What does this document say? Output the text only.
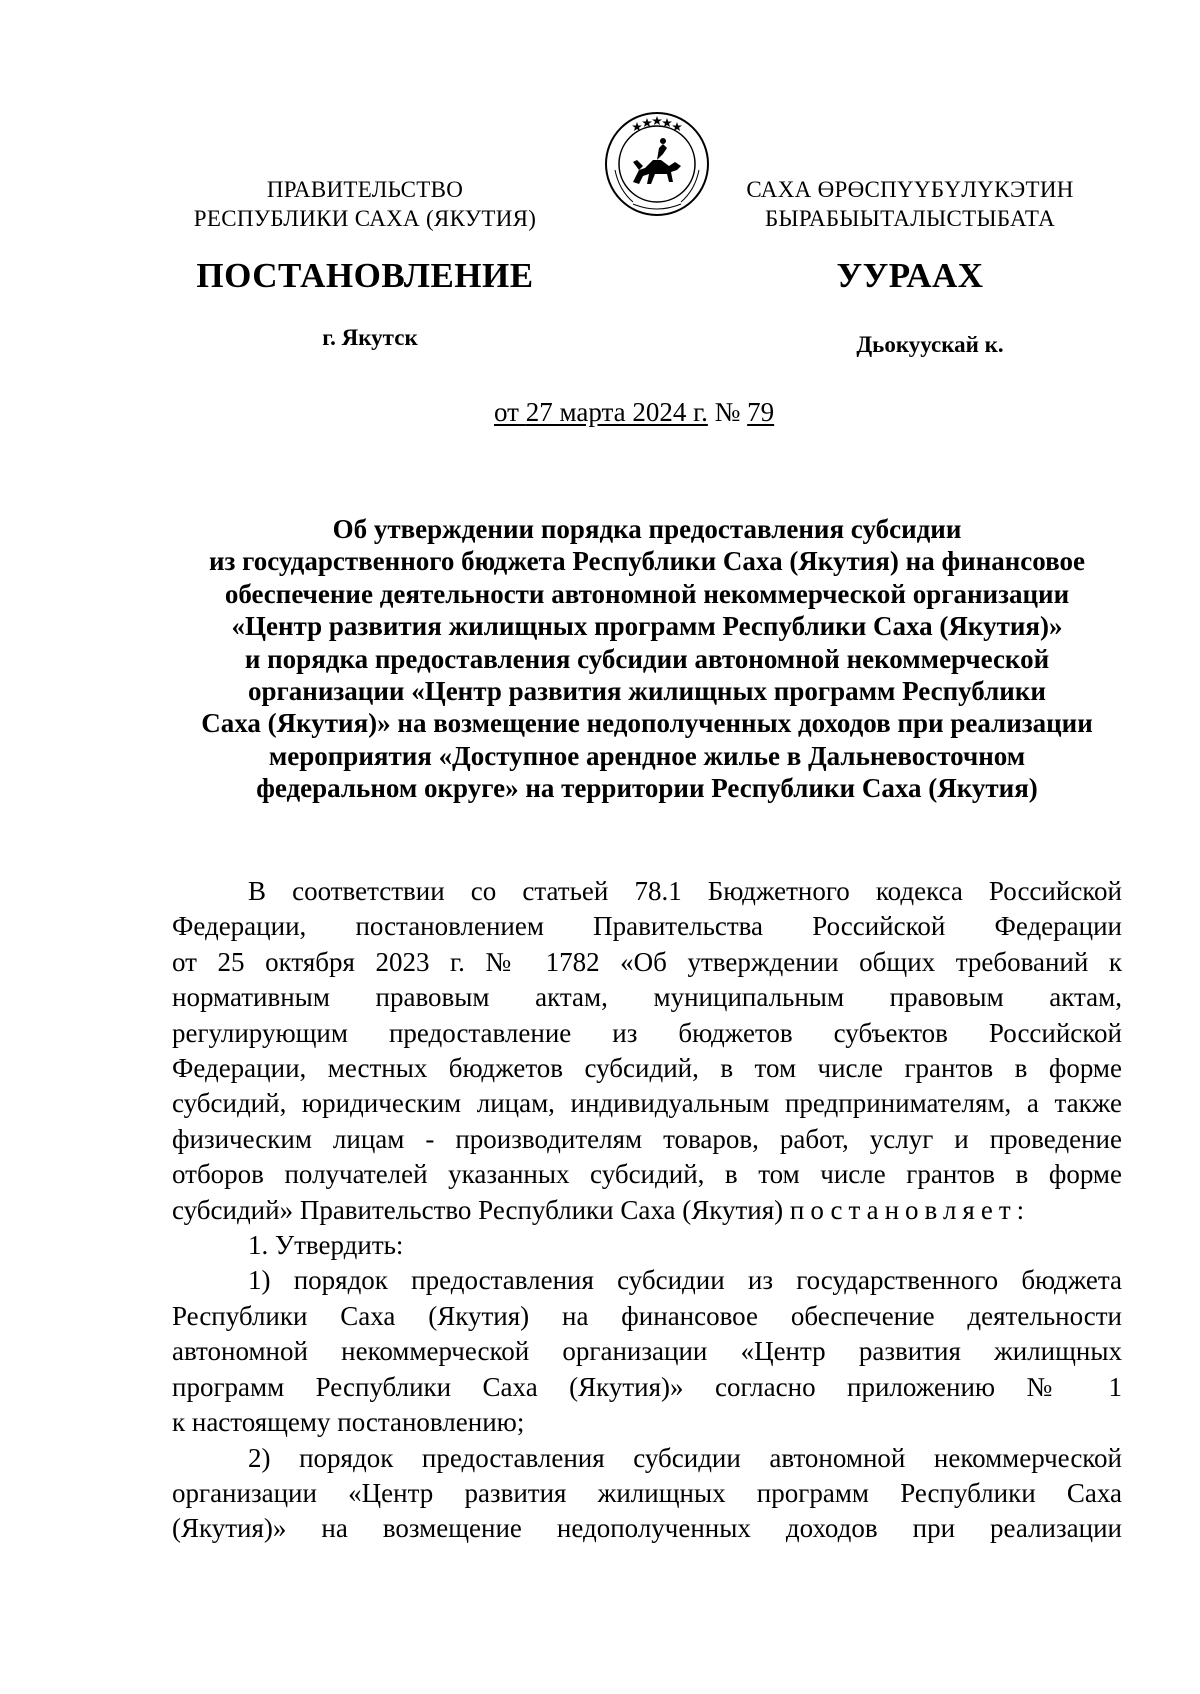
ПРАВИТЕЛЬСТВО
РЕСПУБЛИКИ САХА (ЯКУТИЯ)
САХА ӨРӨСПҮҮБҮЛҮКЭТИН
БЫРАБЫЫТАЛЫСТЫБАТА
ПОСТАНОВЛЕНИЕ	УУРААХ
г. Якутск	Дьокуускай к.
от 27 марта 2024 г. № 79
Об утверждении порядка предоставления субсидии
из государственного бюджета Республики Саха (Якутия) на финансовое
обеспечение деятельности автономной некоммерческой организации
«Центр развития жилищных программ Республики Саха (Якутия)»
и порядка предоставления субсидии автономной некоммерческой
организации «Центр развития жилищных программ Республики
Саха (Якутия)» на возмещение недополученных доходов при реализации
мероприятия «Доступное арендное жилье в Дальневосточном
федеральном округе» на территории Республики Саха (Якутия)
В соответствии со статьей 78.1 Бюджетного кодекса Российской
Федерации, постановлением Правительства Российской Федерации
от 25 октября 2023 г. № 1782 «Об утверждении общих требований к
нормативным правовым актам, муниципальным правовым актам,
регулирующим предоставление из бюджетов субъектов Российской
Федерации, местных бюджетов субсидий, в том числе грантов в форме
субсидий, юридическим лицам, индивидуальным предпринимателям, а также
физическим лицам - производителям товаров, работ, услуг и проведение
отборов получателей указанных субсидий, в том числе грантов в форме
субсидий» Правительство Республики Саха (Якутия) постановляет:
1. Утвердить:
1) порядок предоставления субсидии из государственного бюджета
Республики Саха (Якутия) на финансовое обеспечение деятельности
автономной некоммерческой организации «Центр развития жилищных
программ Республики Саха (Якутия)» согласно приложению № 1
к настоящему постановлению;
2) порядок предоставления субсидии автономной некоммерческой
организации «Центр развития жилищных программ Республики Саха
(Якутия)» на возмещение недополученных доходов при реализации
